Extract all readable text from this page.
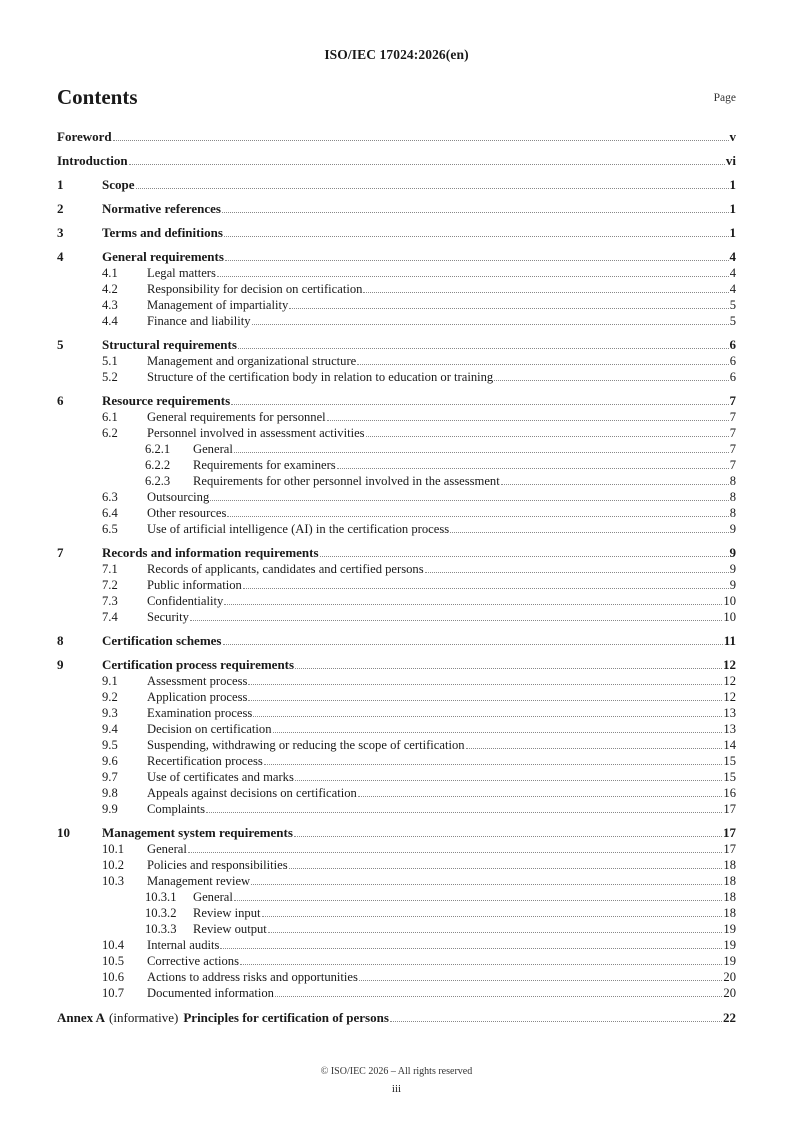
ISO/IEC 17024:2026(en)
Contents	Page
Foreword	v
Introduction	vi
1	Scope	1
2	Normative references	1
3	Terms and definitions	1
4	General requirements	4
4.1	Legal matters	4
4.2	Responsibility for decision on certification	4
4.3	Management of impartiality	5
4.4	Finance and liability	5
5	Structural requirements	6
5.1	Management and organizational structure	6
5.2	Structure of the certification body in relation to education or training	6
6	Resource requirements	7
6.1	General requirements for personnel	7
6.2	Personnel involved in assessment activities	7
6.2.1	General	7
6.2.2	Requirements for examiners	7
6.2.3	Requirements for other personnel involved in the assessment	8
6.3	Outsourcing	8
6.4	Other resources	8
6.5	Use of artificial intelligence (AI) in the certification process	9
7	Records and information requirements	9
7.1	Records of applicants, candidates and certified persons	9
7.2	Public information	9
7.3	Confidentiality	10
7.4	Security	10
8	Certification schemes	11
9	Certification process requirements	12
9.1	Assessment process	12
9.2	Application process	12
9.3	Examination process	13
9.4	Decision on certification	13
9.5	Suspending, withdrawing or reducing the scope of certification	14
9.6	Recertification process	15
9.7	Use of certificates and marks	15
9.8	Appeals against decisions on certification	16
9.9	Complaints	17
10	Management system requirements	17
10.1	General	17
10.2	Policies and responsibilities	18
10.3	Management review	18
10.3.1	General	18
10.3.2	Review input	18
10.3.3	Review output	19
10.4	Internal audits	19
10.5	Corrective actions	19
10.6	Actions to address risks and opportunities	20
10.7	Documented information	20
Annex A (informative) Principles for certification of persons	22
© ISO/IEC 2026 – All rights reserved
iii
